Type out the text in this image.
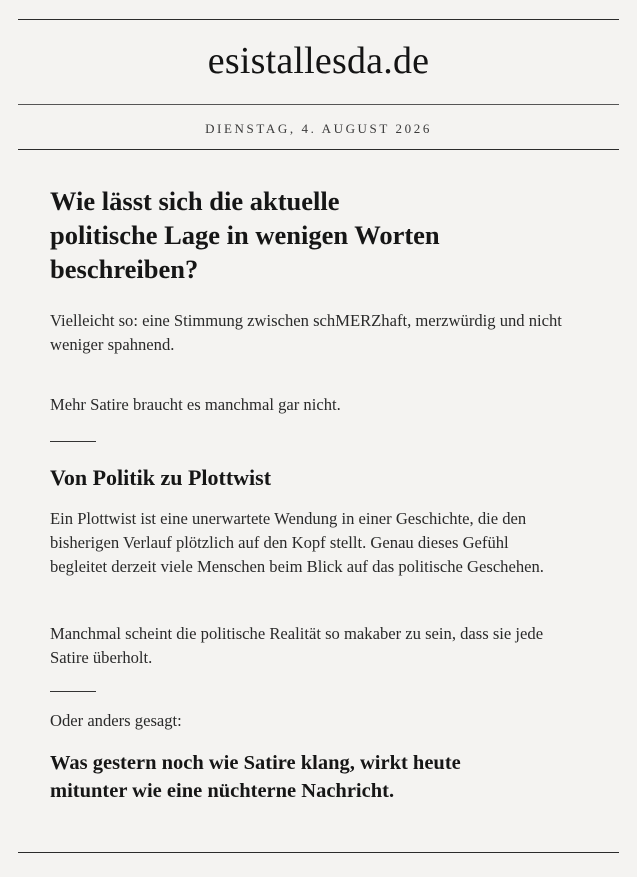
esistallesda.de
DIENSTAG, 4. AUGUST 2026
Wie lässt sich die aktuelle politische Lage in wenigen Worten beschreiben?

Vielleicht so: eine Stimmung zwischen schMERZhaft, merzwürdig und nicht weniger spahnend.

Mehr Satire braucht es manchmal gar nicht.

Von Politik zu Plottwist

Ein Plottwist ist eine unerwartete Wendung in einer Geschichte, die den bisherigen Verlauf plötzlich auf den Kopf stellt. Genau dieses Gefühl begleitet derzeit viele Menschen beim Blick auf das politische Geschehen.

Manchmal scheint die politische Realität so makaber zu sein, dass sie jede Satire überholt.

Oder anders gesagt:

Was gestern noch wie Satire klang, wirkt heute mitunter wie eine nüchterne Nachricht.
